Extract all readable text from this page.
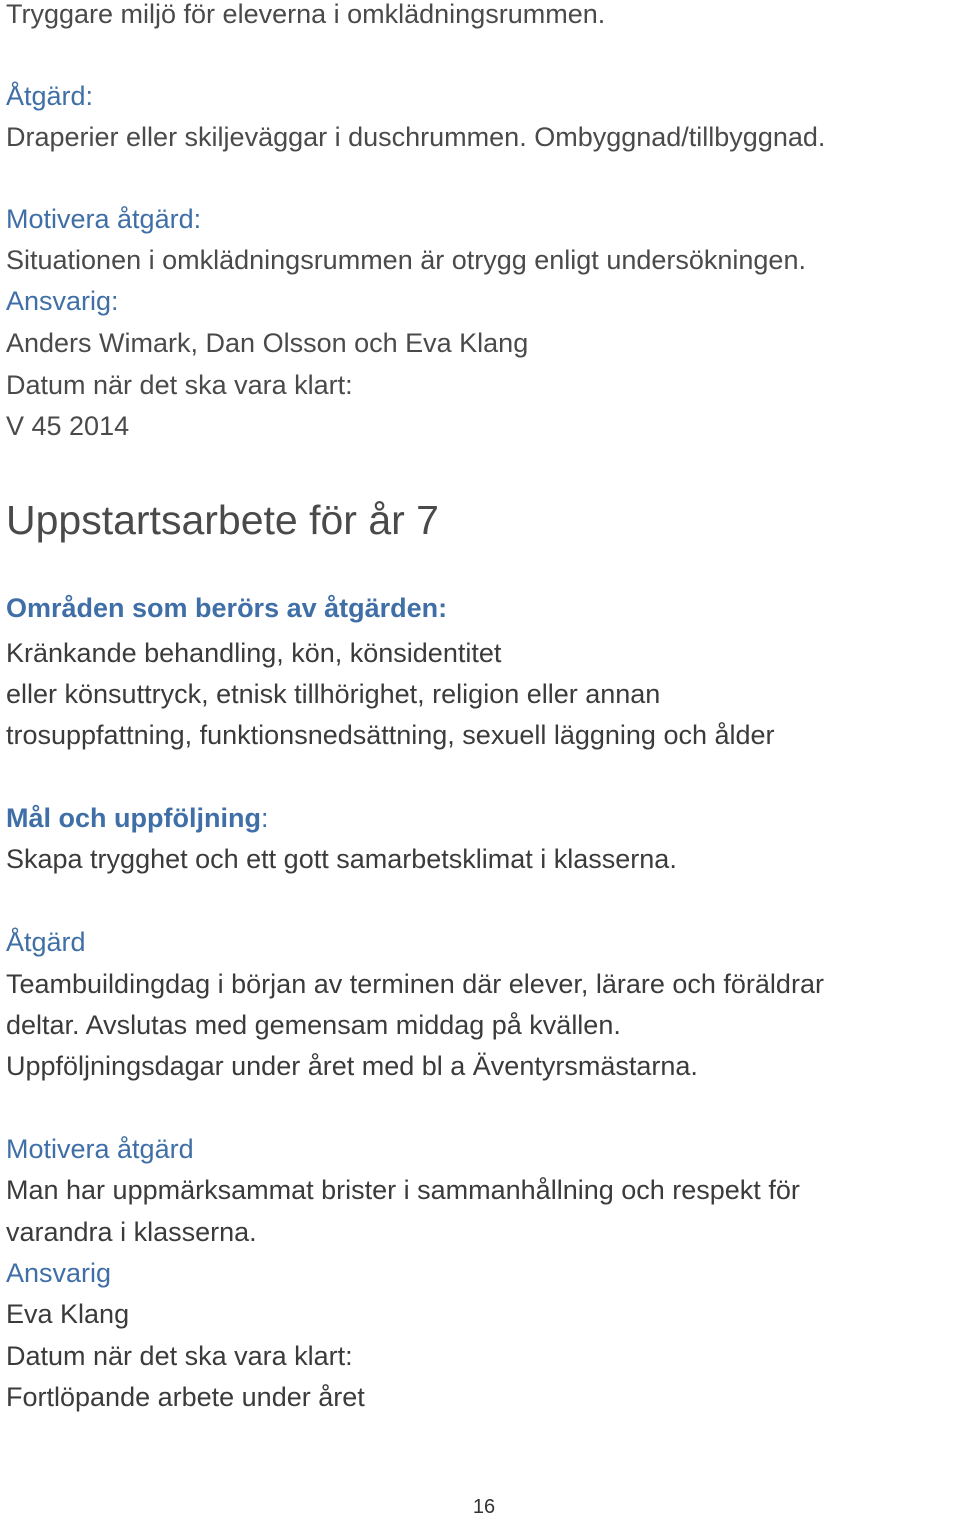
Tryggare miljö för eleverna i omklädningsrummen.

Åtgärd:

Draperier eller skiljeväggar i duschrummen. Ombyggnad/tillbyggnad.

Motivera åtgärd:

Situationen i omklädningsrummen är otrygg enligt undersökningen.

Ansvarig:

Anders Wimark, Dan Olsson och Eva Klang

Datum när det ska vara klart:

V 45 2014

Uppstartsarbete för år 7

Områden som berörs av åtgärden:

Kränkande behandling, kön, könsidentitet

eller könsuttryck, etnisk tillhörighet, religion eller annan

trosuppfattning, funktionsnedsättning, sexuell läggning och ålder

Mål och uppföljning:

Skapa trygghet och ett gott samarbetsklimat i klasserna.

Åtgärd

Teambuildingdag i början av terminen där elever, lärare och föräldrar

deltar. Avslutas med gemensam middag på kvällen.

Uppföljningsdagar under året med bl a Äventyrsmästarna.

Motivera åtgärd

Man har uppmärksammat brister i sammanhållning och respekt för

varandra i klasserna.

Ansvarig

Eva Klang

Datum när det ska vara klart:

Fortlöpande arbete under året

16
